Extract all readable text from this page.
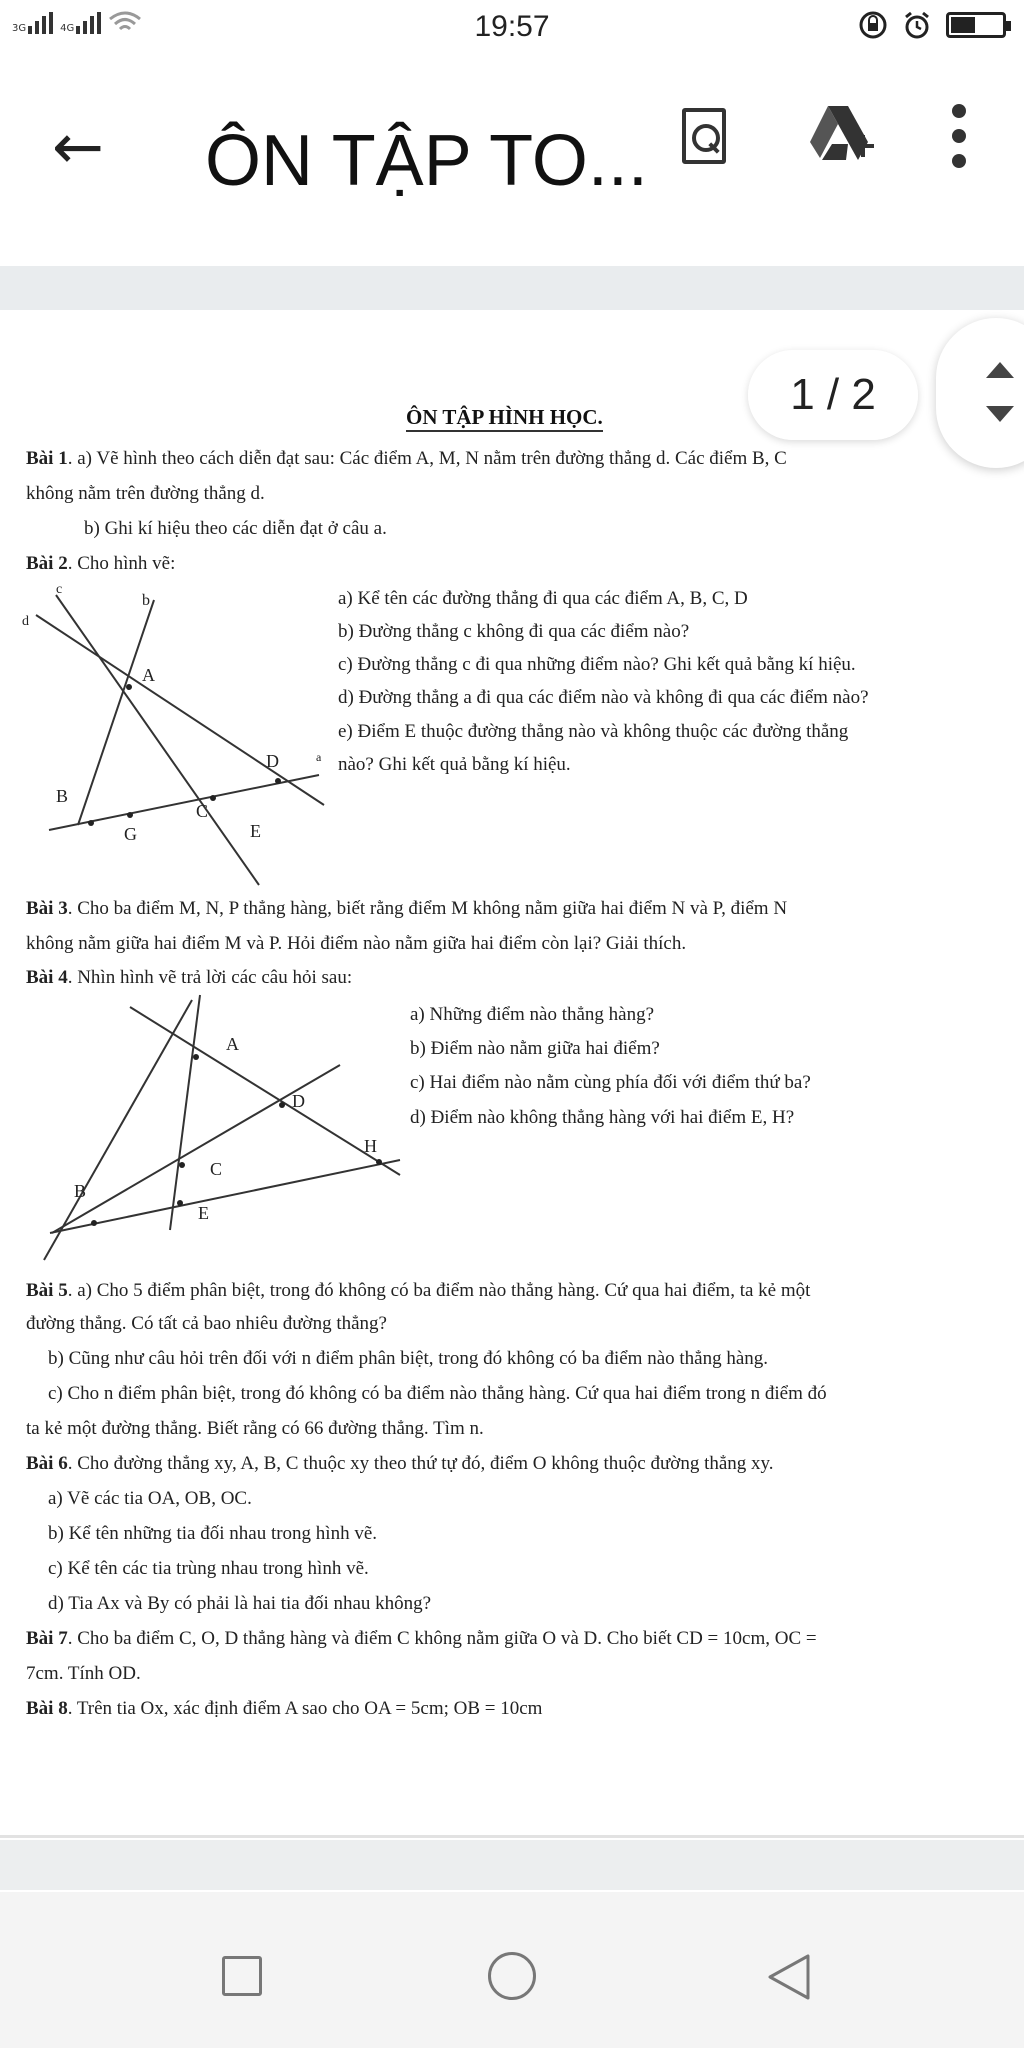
3G	4G	19:57
← ÔN TẬP TO...
ÔN TẬP HÌNH HỌC.
Bài 1. a) Vẽ hình theo cách diễn đạt sau: Các điểm A, M, N nằm trên đường thẳng d. Các điểm B, C
không nằm trên đường thẳng d.
b) Ghi kí hiệu theo các diễn đạt ở câu a.
Bài 2. Cho hình vẽ:
c
b
d
A
D	a
B
C
G	E
a) Kể tên các đường thẳng đi qua các điểm A, B, C, D
b) Đường thẳng c không đi qua các điểm nào?
c) Đường thẳng c đi qua những điểm nào? Ghi kết quả bằng kí hiệu.
d) Đường thẳng a đi qua các điểm nào và không đi qua các điểm nào?
e) Điểm E thuộc đường thẳng nào và không thuộc các đường thẳng
nào? Ghi kết quả bằng kí hiệu.
Bài 3. Cho ba điểm M, N, P thẳng hàng, biết rằng điểm M không nằm giữa hai điểm N và P, điểm N
không nằm giữa hai điểm M và P. Hỏi điểm nào nằm giữa hai điểm còn lại? Giải thích.
Bài 4. Nhìn hình vẽ trả lời các câu hỏi sau:
A
D
H
C
B
E
a) Những điểm nào thẳng hàng?
b) Điểm nào nằm giữa hai điểm?
c) Hai điểm nào nằm cùng phía đối với điểm thứ ba?
d) Điểm nào không thẳng hàng với hai điểm E, H?
Bài 5. a) Cho 5 điểm phân biệt, trong đó không có ba điểm nào thẳng hàng. Cứ qua hai điểm, ta kẻ một
đường thẳng. Có tất cả bao nhiêu đường thẳng?
b) Cũng như câu hỏi trên đối với n điểm phân biệt, trong đó không có ba điểm nào thẳng hàng.
c) Cho n điểm phân biệt, trong đó không có ba điểm nào thẳng hàng. Cứ qua hai điểm trong n điểm đó
ta kẻ một đường thẳng. Biết rằng có 66 đường thẳng. Tìm n.
Bài 6. Cho đường thẳng xy, A, B, C thuộc xy theo thứ tự đó, điểm O không thuộc đường thẳng xy.
a) Vẽ các tia OA, OB, OC.
b) Kể tên những tia đối nhau trong hình vẽ.
c) Kể tên các tia trùng nhau trong hình vẽ.
d) Tia Ax và By có phải là hai tia đối nhau không?
Bài 7. Cho ba điểm C, O, D thẳng hàng và điểm C không nằm giữa O và D. Cho biết CD = 10cm, OC =
7cm. Tính OD.
Bài 8. Trên tia Ox, xác định điểm A sao cho OA = 5cm; OB = 10cm
1 / 2
